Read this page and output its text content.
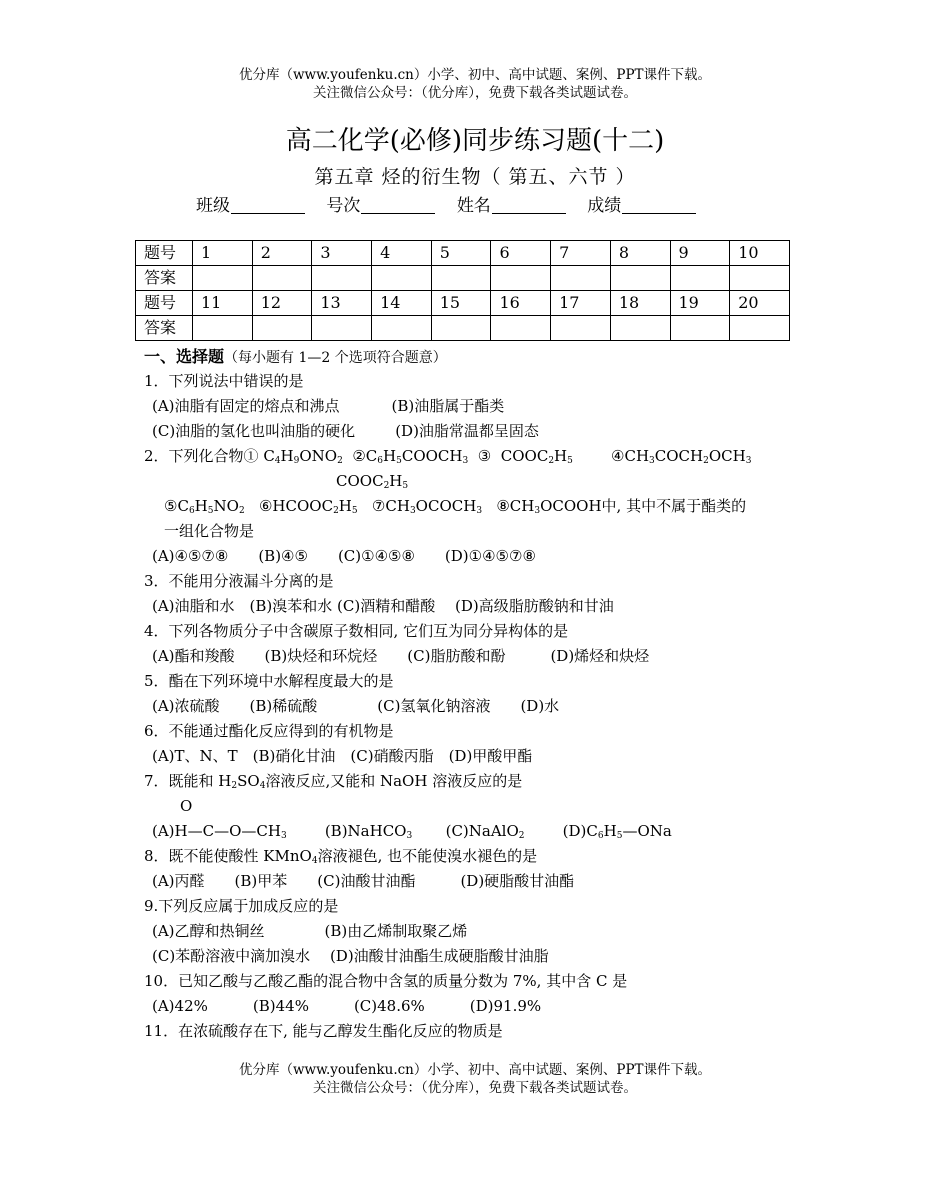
优分库（www.youfenku.cn）小学、初中、高中试题、案例、PPT课件下载。
关注微信公众号：（优分库），免费下载各类试题试卷。
高二化学(必修)同步练习题(十二)
第五章 烃的衍生物（ 第五、六节 ）
班级	号次	姓名	成绩
题号	1	2	3	4	5	6	7	8	9	10
答案										
题号	11	12	13	14	15	16	17	18	19	20
答案										
一、选择题（每小题有 1—2 个选项符合题意）
1．下列说法中错误的是
(A)油脂有固定的熔点和沸点	(B)油脂属于酯类
(C)油脂的氢化也叫油脂的硬化	(D)油脂常温都呈固态
2．下列化合物① $C_4H_9ONO_2$  $②C_6H_5COOCH_3$  ③  $COOC_2H_5$        $④CH_3COCH_2OCH_3$
$COOC_2H_5$
$⑤C_6H_5NO_2$   $⑥HCOOC_2H_5$   $⑦CH_3OCOCH_3$   $⑧CH_3OCOOH$中, 其中不属于酯类的
一组化合物是
(A)④⑤⑦⑧　　(B)④⑤　　(C)①④⑤⑧　　(D)①④⑤⑦⑧
3．不能用分液漏斗分离的是
(A)油脂和水　(B)溴苯和水 (C)酒精和醋酸　 (D)高级脂肪酸钠和甘油
4．下列各物质分子中含碳原子数相同, 它们互为同分异构体的是
(A)酯和羧酸　　(B)炔烃和环烷烃　　(C)脂肪酸和酚　　　(D)烯烃和炔烃
5．酯在下列环境中水解程度最大的是
(A)浓硫酸　　(B)稀硫酸　　　　(C)氢氧化钠溶液　　(D)水
6．不能通过酯化反应得到的有机物是
(A)T、N、T　(B)硝化甘油　(C)硝酸丙脂　(D)甲酸甲酯
7．既能和 $H_2SO_4$溶液反应,又能和 NaOH 溶液反应的是
O
$(A)H—C—O—CH_3$        (B)NaHCO$_3$       (C)NaAlO$_2$        $(D)C_6H_5—ONa$
8．既不能使酸性 KMnO$_4$溶液褪色, 也不能使溴水褪色的是
(A)丙醛　　(B)甲苯　　(C)油酸甘油酯　　　(D)硬脂酸甘油酯
9.下列反应属于加成反应的是
(A)乙醇和热铜丝　　　　(B)由乙烯制取聚乙烯
(C)苯酚溶液中滴加溴水　 (D)油酸甘油酯生成硬脂酸甘油脂
10．已知乙酸与乙酸乙酯的混合物中含氢的质量分数为 7%, 其中含 C 是
(A)42%　　　(B)44%　　　(C)48.6%　　　(D)91.9%
11．在浓硫酸存在下, 能与乙醇发生酯化反应的物质是
优分库（www.youfenku.cn）小学、初中、高中试题、案例、PPT课件下载。
关注微信公众号：（优分库），免费下载各类试题试卷。
